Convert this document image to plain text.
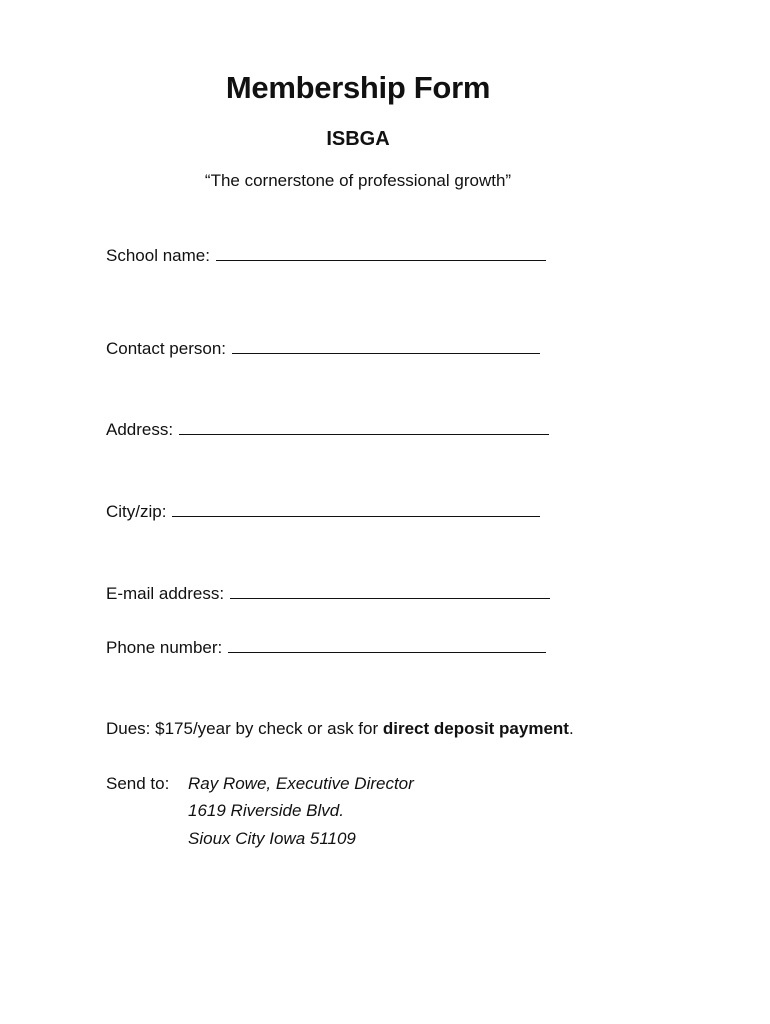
Membership Form
ISBGA
“The cornerstone of professional growth”
School name:
Contact person:
Address:
City/zip:
E-mail address:
Phone number:
Dues: $175/year by check or ask for direct deposit payment.
Send to: Ray Rowe, Executive Director
1619 Riverside Blvd.
Sioux City Iowa 51109
